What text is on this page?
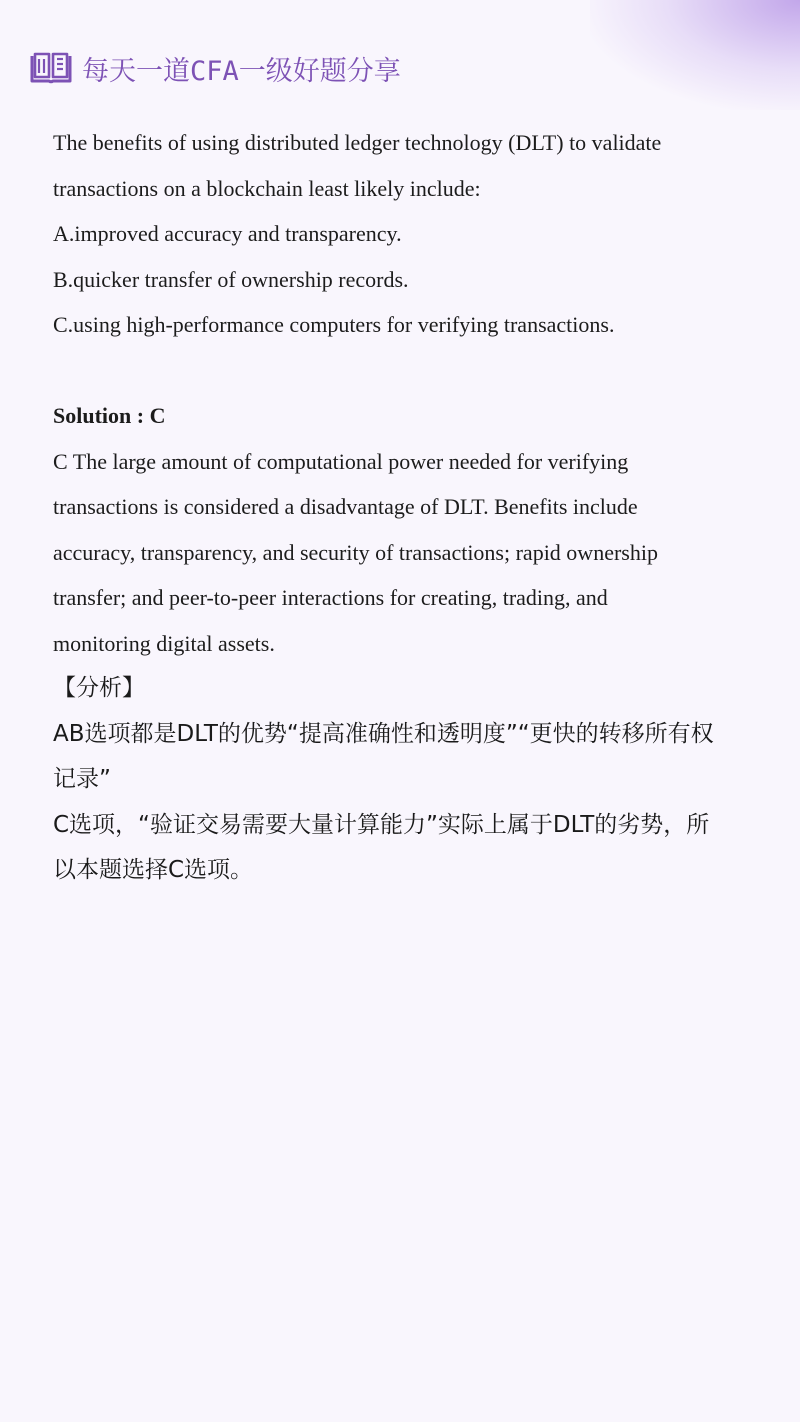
每天一道CFA一级好题分享
The benefits of using distributed ledger technology (DLT) to validate
transactions on a blockchain least likely include:
A.improved accuracy and transparency.
B.quicker transfer of ownership records.
C.using high-performance computers for verifying transactions.
Solution : C
C The large amount of computational power needed for verifying
transactions is considered a disadvantage of DLT. Benefits include
accuracy, transparency, and security of transactions; rapid ownership
transfer; and peer-to-peer interactions for creating, trading, and
monitoring digital assets.
【分析】
AB选项都是DLT的优势“提高准确性和透明度”“更快的转移所有权
记录”
C选项，“验证交易需要大量计算能力”实际上属于DLT的劣势，所
以本题选择C选项。
